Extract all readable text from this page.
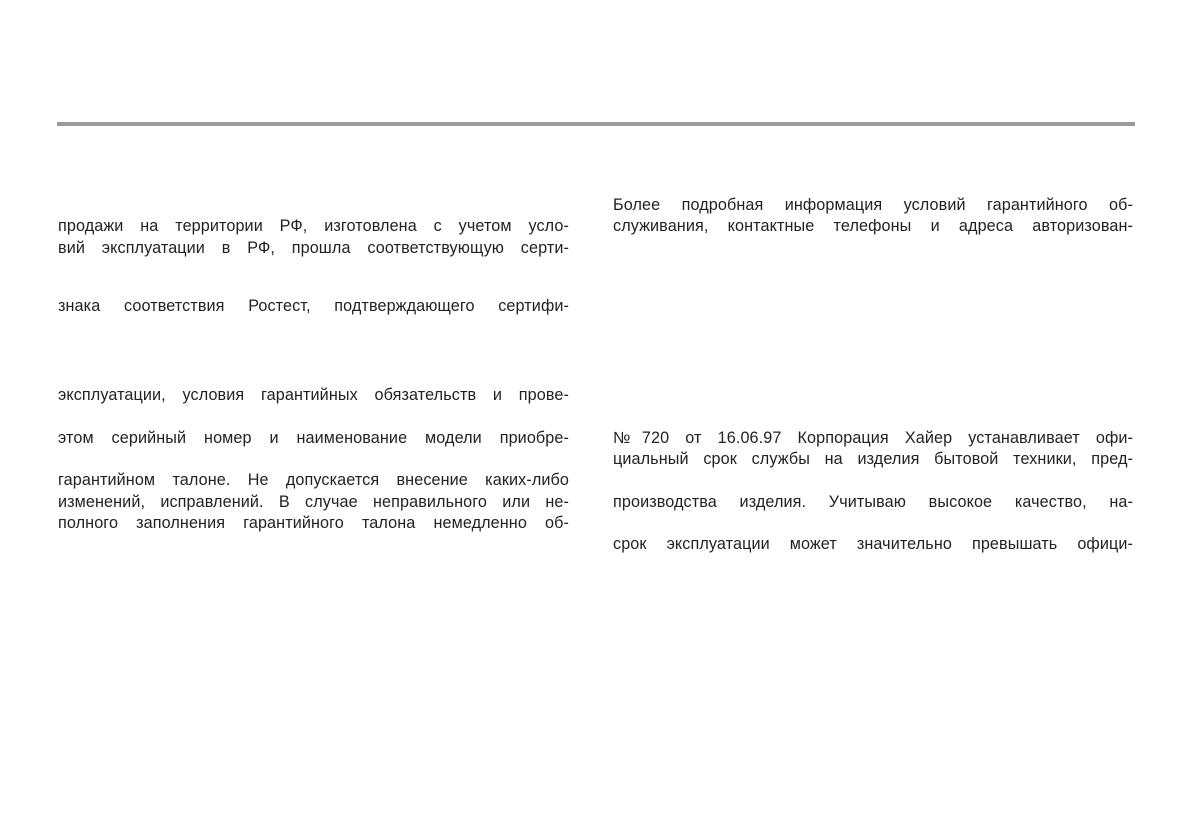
продажи на территории РФ, изготовлена с учетом усло-
вий эксплуатации в РФ, прошла соответствующую серти-
знака соответствия Ростест, подтверждающего сертифи-
эксплуатации, условия гарантийных обязательств и прове-
этом серийный номер и наименование модели приобре-
гарантийном талоне. Не допускается внесение каких-либо
изменений, исправлений. В случае неправильного или не-
полного заполнения гарантийного талона немедленно об-
Более подробная информация условий гарантийного об-
служивания, контактные телефоны и адреса авторизован-
№720 от 16.06.97 Корпорация Хайер устанавливает офи-
циальный срок службы на изделия бытовой техники, пред-
производства изделия. Учитываю высокое качество, на-
срок эксплуатации может значительно превышать офици-
